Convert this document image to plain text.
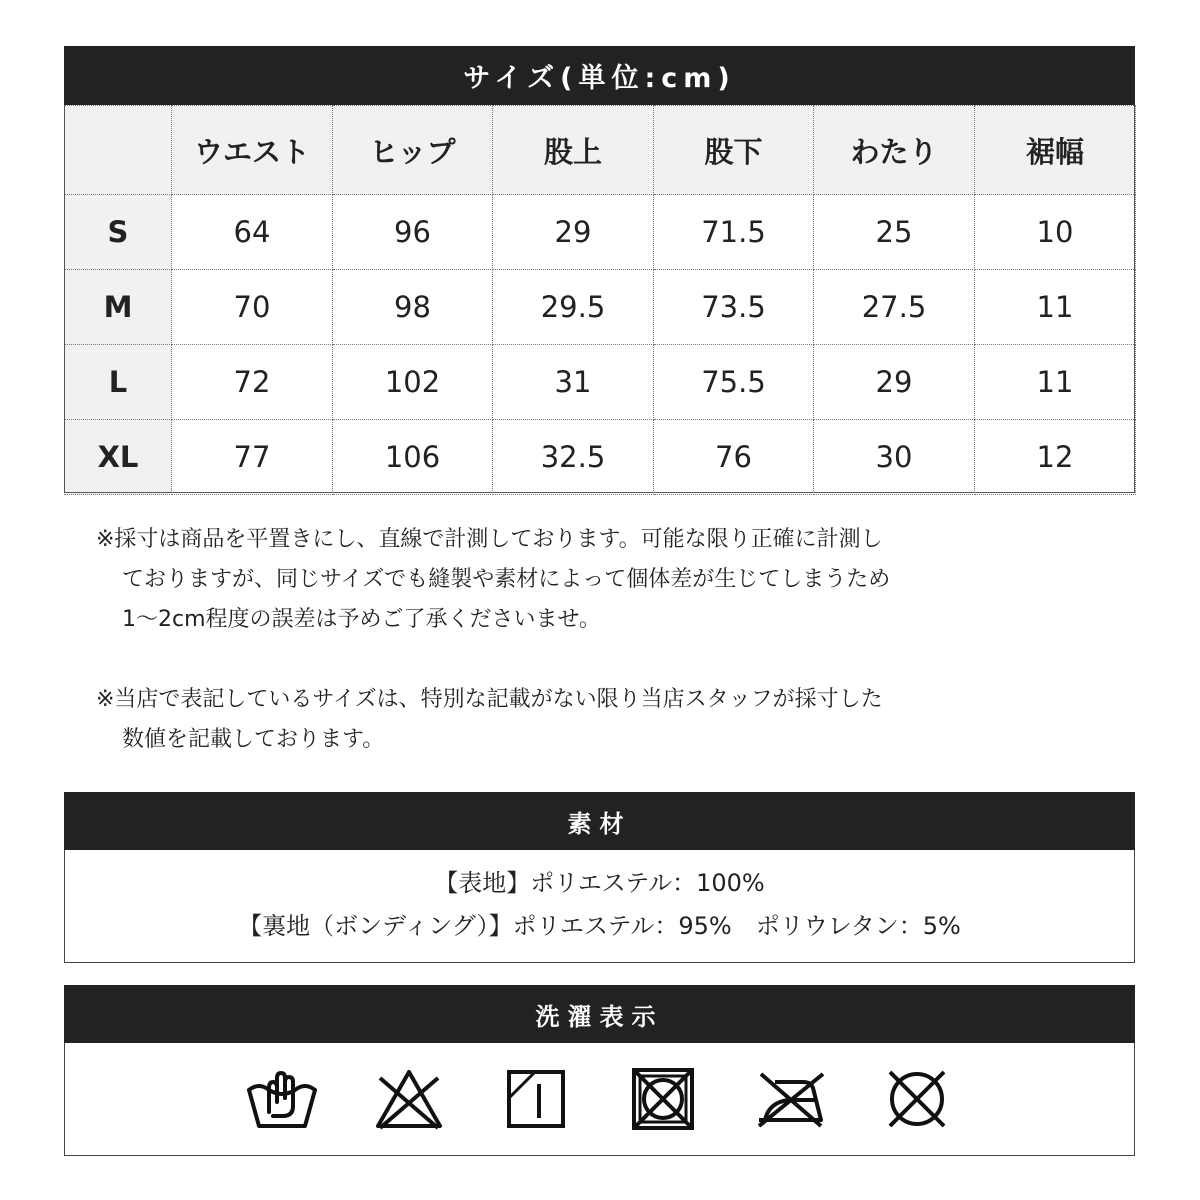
サイズ(単位:cm)
	ウエスト	ヒップ	股上	股下	わたり	裾幅
S	64	96	29	71.5	25	10
M	70	98	29.5	73.5	27.5	11
L	72	102	31	75.5	29	11
XL	77	106	32.5	76	30	12

※採寸は商品を平置きにし、直線で計測しております。可能な限り正確に計測し

ておりますが、同じサイズでも縫製や素材によって個体差が生じてしまうため

1～2cm程度の誤差は予めご了承くださいませ。

※当店で表記しているサイズは、特別な記載がない限り当店スタッフが採寸した

数値を記載しております。

素材

【表地】ポリエステル：100%

【裏地（ボンディング）】ポリエステル：95%　ポリウレタン：5%

洗濯表示
